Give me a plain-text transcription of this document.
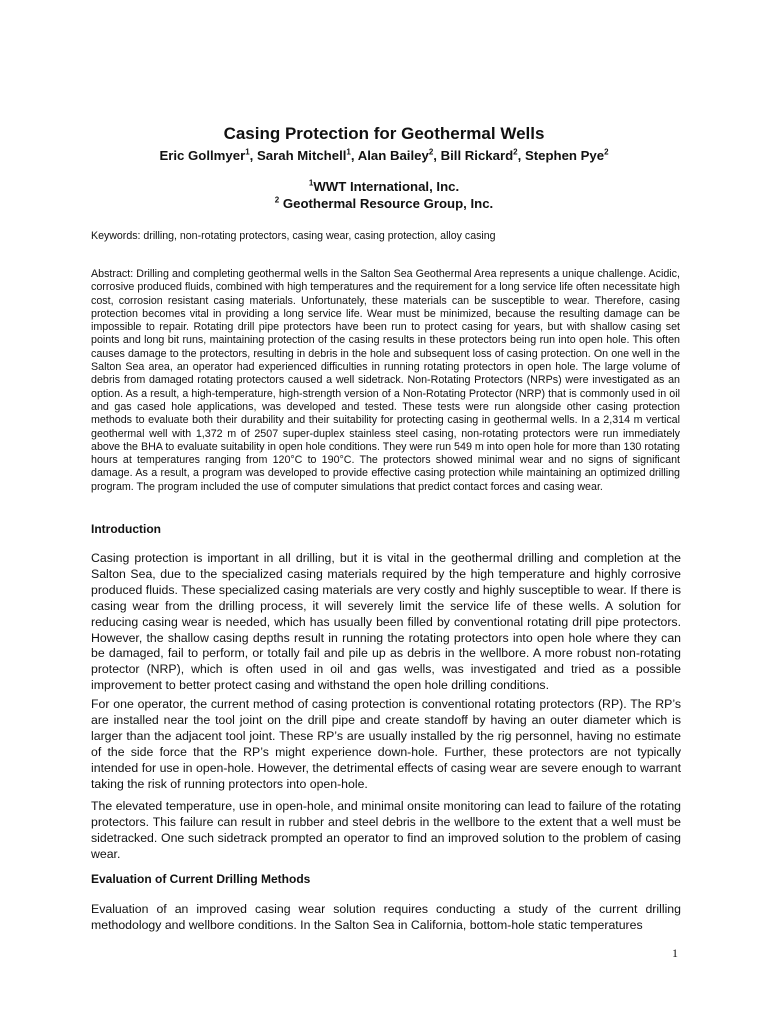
Casing Protection for Geothermal Wells
Eric Gollmyer$^1$, Sarah Mitchell$^1$, Alan Bailey$^2$, Bill Rickard$^2$, Stephen Pye$^2$
$^1$WWT International, Inc.
$^2$ Geothermal Resource Group, Inc.
Keywords: drilling, non-rotating protectors, casing wear, casing protection, alloy casing

Abstract: Drilling and completing geothermal wells in the Salton Sea Geothermal Area represents a unique challenge. Acidic, corrosive produced fluids, combined with high temperatures and the requirement for a long service life often necessitate high cost, corrosion resistant casing materials. Unfortunately, these materials can be susceptible to wear. Therefore, casing protection becomes vital in providing a long service life. Wear must be minimized, because the resulting damage can be impossible to repair. Rotating drill pipe protectors have been run to protect casing for years, but with shallow casing set points and long bit runs, maintaining protection of the casing results in these protectors being run into open hole. This often causes damage to the protectors, resulting in debris in the hole and subsequent loss of casing protection. On one well in the Salton Sea area, an operator had experienced difficulties in running rotating protectors in open hole. The large volume of debris from damaged rotating protectors caused a well sidetrack. Non-Rotating Protectors (NRPs) were investigated as an option. As a result, a high-temperature, high-strength version of a Non-Rotating Protector (NRP) that is commonly used in oil and gas cased hole applications, was developed and tested. These tests were run alongside other casing protection methods to evaluate both their durability and their suitability for protecting casing in geothermal wells. In a 2,314 m vertical geothermal well with 1,372 m of 2507 super-duplex stainless steel casing, non-rotating protectors were run immediately above the BHA to evaluate suitability in open hole conditions. They were run 549 m into open hole for more than 130 rotating hours at temperatures ranging from 120°C to 190°C. The protectors showed minimal wear and no signs of significant damage. As a result, a program was developed to provide effective casing protection while maintaining an optimized drilling program. The program included the use of computer simulations that predict contact forces and casing wear.

Introduction

Casing protection is important in all drilling, but it is vital in the geothermal drilling and completion at the Salton Sea, due to the specialized casing materials required by the high temperature and highly corrosive produced fluids. These specialized casing materials are very costly and highly susceptible to wear. If there is casing wear from the drilling process, it will severely limit the service life of these wells. A solution for reducing casing wear is needed, which has usually been filled by conventional rotating drill pipe protectors. However, the shallow casing depths result in running the rotating protectors into open hole where they can be damaged, fail to perform, or totally fail and pile up as debris in the wellbore. A more robust non-rotating protector (NRP), which is often used in oil and gas wells, was investigated and tried as a possible improvement to better protect casing and withstand the open hole drilling conditions.

For one operator, the current method of casing protection is conventional rotating protectors (RP). The RP’s are installed near the tool joint on the drill pipe and create standoff by having an outer diameter which is larger than the adjacent tool joint. These RP’s are usually installed by the rig personnel, having no estimate of the side force that the RP’s might experience down-hole. Further, these protectors are not typically intended for use in open-hole. However, the detrimental effects of casing wear are severe enough to warrant taking the risk of running protectors into open-hole.

The elevated temperature, use in open-hole, and minimal onsite monitoring can lead to failure of the rotating protectors. This failure can result in rubber and steel debris in the wellbore to the extent that a well must be sidetracked. One such sidetrack prompted an operator to find an improved solution to the problem of casing wear.

Evaluation of Current Drilling Methods

Evaluation of an improved casing wear solution requires conducting a study of the current drilling methodology and wellbore conditions. In the Salton Sea in California, bottom-hole static temperatures

1
